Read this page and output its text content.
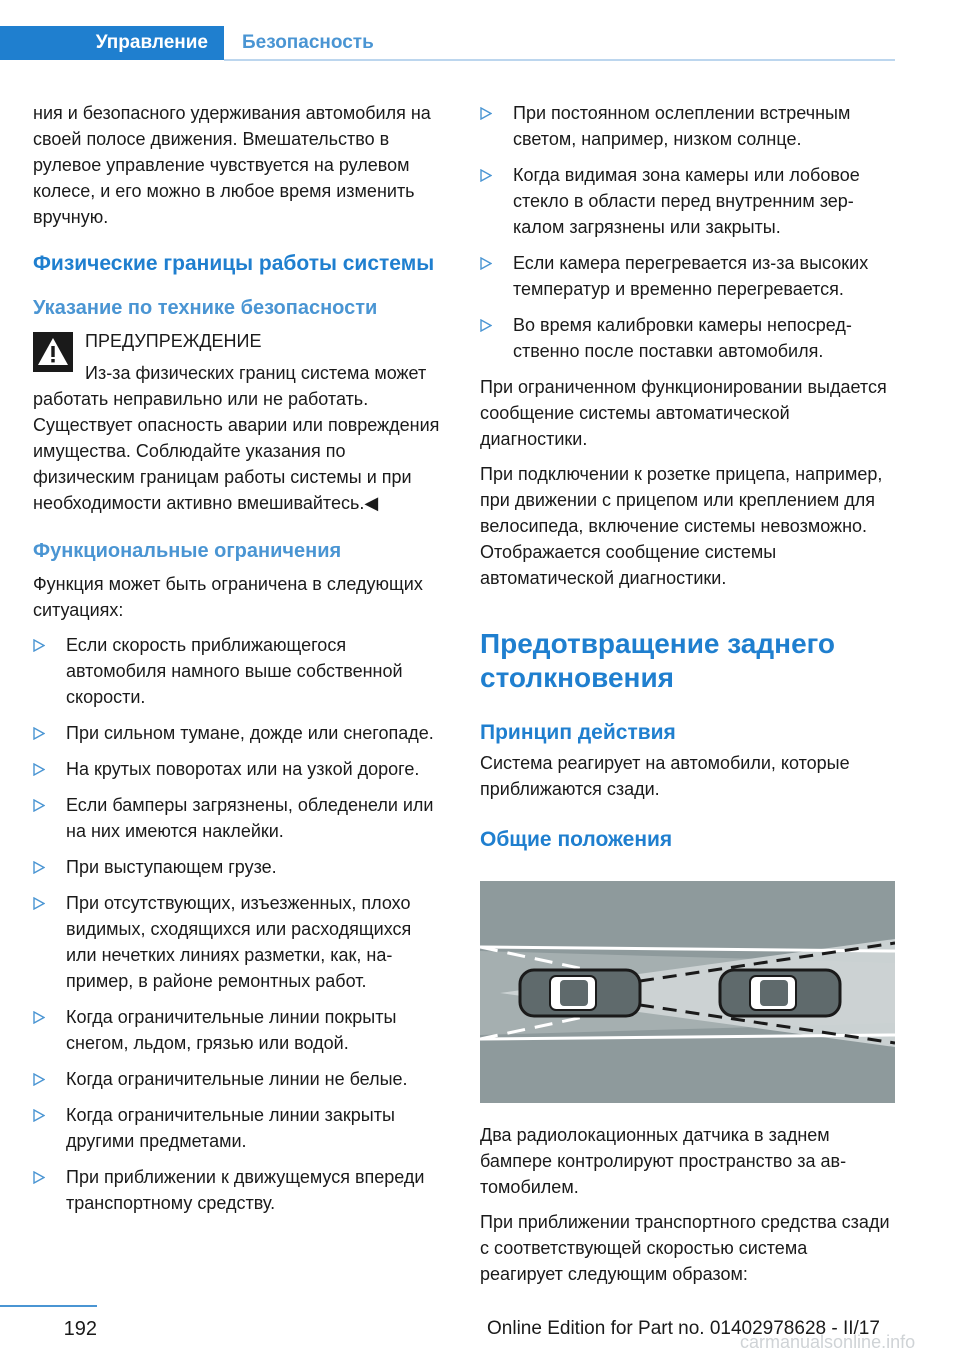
Управление	Безопасность

ния и безопасного удерживания автомобиля на своей полосе движения. Вмешательство в рулевое управление чувствуется на рулевом колесе, и его можно в любое время изменить вручную.

Физические границы работы системы
Указание по технике безопасности

ПРЕДУПРЕЖДЕНИЕ

Из-за физических границ система может работать неправильно или не работать. Существует опасность аварии или повреждения имущества. Соблюдайте указания по физическим границам работы системы и при необходимости активно вмешивайтесь.◀

Функциональные ограничения

Функция может быть ограничена в следующих ситуациях:

Если скорость приближающегося автомобиля намного выше собственной скорости.
При сильном тумане, дожде или снегопаде.
На крутых поворотах или на узкой дороге.
Если бамперы загрязнены, обледенели или на них имеются наклейки.
При выступающем грузе.
При отсутствующих, изъезженных, плохо видимых, сходящихся или расходящихся или нечетких линиях разметки, как, например, в районе ремонтных работ.
Когда ограничительные линии покрыты снегом, льдом, грязью или водой.
Когда ограничительные линии не белые.
Когда ограничительные линии закрыты другими предметами.
При приближении к движущемуся впереди транспортному средству.
При постоянном ослеплении встречным светом, например, низком солнце.
Когда видимая зона камеры или лобовое стекло в области перед внутренним зеркалом загрязнены или закрыты.
Если камера перегревается из-за высоких температур и временно перегревается.
Во время калибровки камеры непосредственно после поставки автомобиля.

При ограниченном функционировании выдается сообщение системы автоматической диагностики.

При подключении к розетке прицепа, например, при движении с прицепом или креплением для велосипеда, включение системы невозможно. Отображается сообщение системы автоматической диагностики.

Предотвращение заднего столкновения
Принцип действия

Система реагирует на автомобили, которые приближаются сзади.

Общие положения

Два радиолокационных датчика в заднем бампере контролируют пространство за автомобилем.

При приближении транспортного средства сзади с соответствующей скоростью система реагирует следующим образом:

192	Online Edition for Part no. 01402978628 - II/17
carmanualsonline.info
